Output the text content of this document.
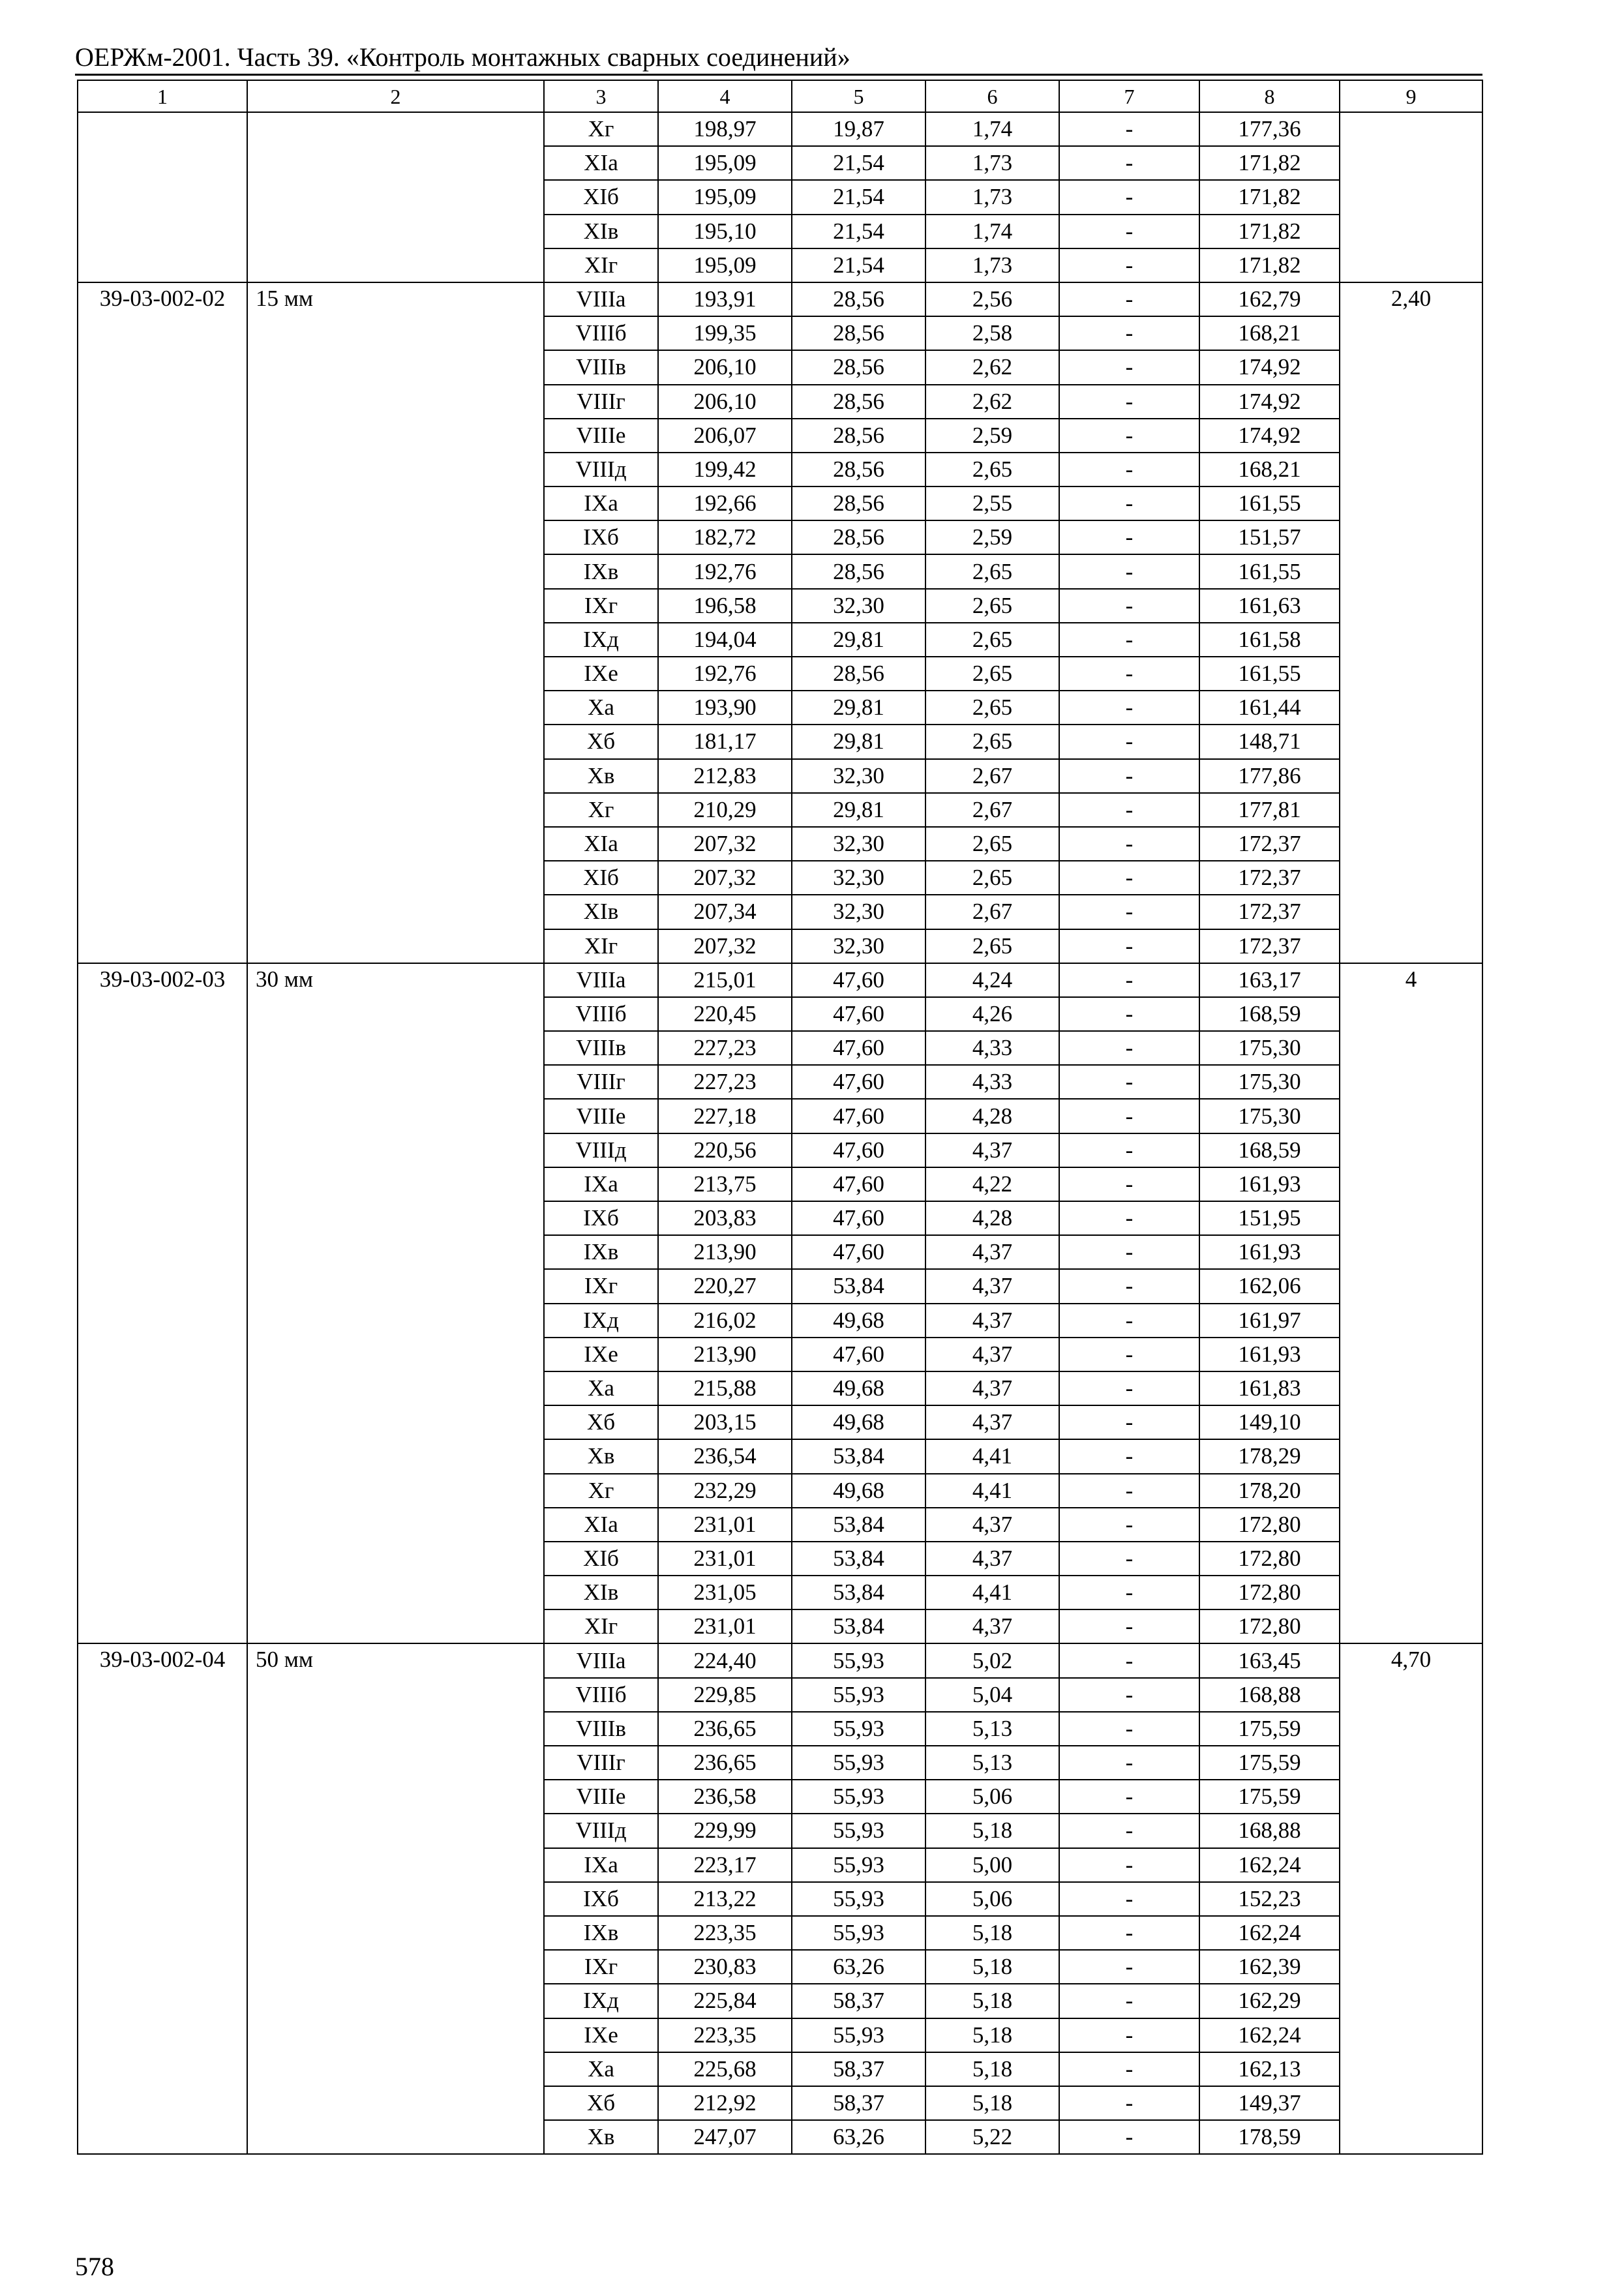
ОЕРЖм-2001. Часть 39. «Контроль монтажных сварных соединений»
1	2	3	4	5	6	7	8	9
		Хг	198,97	19,87	1,74	-	177,36	
		ХIа	195,09	21,54	1,73	-	171,82	
		ХIб	195,09	21,54	1,73	-	171,82	
		ХIв	195,10	21,54	1,74	-	171,82	
		ХIг	195,09	21,54	1,73	-	171,82	
39-03-002-02	15 мм	VIIIа	193,91	28,56	2,56	-	162,79	2,40
		VIIIб	199,35	28,56	2,58	-	168,21	
		VIIIв	206,10	28,56	2,62	-	174,92	
		VIIIг	206,10	28,56	2,62	-	174,92	
		VIIIе	206,07	28,56	2,59	-	174,92	
		VIIIд	199,42	28,56	2,65	-	168,21	
		IХа	192,66	28,56	2,55	-	161,55	
		IХб	182,72	28,56	2,59	-	151,57	
		IХв	192,76	28,56	2,65	-	161,55	
		IХг	196,58	32,30	2,65	-	161,63	
		IХд	194,04	29,81	2,65	-	161,58	
		IХе	192,76	28,56	2,65	-	161,55	
		Ха	193,90	29,81	2,65	-	161,44	
		Хб	181,17	29,81	2,65	-	148,71	
		Хв	212,83	32,30	2,67	-	177,86	
		Хг	210,29	29,81	2,67	-	177,81	
		ХIа	207,32	32,30	2,65	-	172,37	
		ХIб	207,32	32,30	2,65	-	172,37	
		ХIв	207,34	32,30	2,67	-	172,37	
		ХIг	207,32	32,30	2,65	-	172,37	
39-03-002-03	30 мм	VIIIа	215,01	47,60	4,24	-	163,17	4
		VIIIб	220,45	47,60	4,26	-	168,59	
		VIIIв	227,23	47,60	4,33	-	175,30	
		VIIIг	227,23	47,60	4,33	-	175,30	
		VIIIе	227,18	47,60	4,28	-	175,30	
		VIIIд	220,56	47,60	4,37	-	168,59	
		IХа	213,75	47,60	4,22	-	161,93	
		IХб	203,83	47,60	4,28	-	151,95	
		IХв	213,90	47,60	4,37	-	161,93	
		IХг	220,27	53,84	4,37	-	162,06	
		IХд	216,02	49,68	4,37	-	161,97	
		IХе	213,90	47,60	4,37	-	161,93	
		Ха	215,88	49,68	4,37	-	161,83	
		Хб	203,15	49,68	4,37	-	149,10	
		Хв	236,54	53,84	4,41	-	178,29	
		Хг	232,29	49,68	4,41	-	178,20	
		ХIа	231,01	53,84	4,37	-	172,80	
		ХIб	231,01	53,84	4,37	-	172,80	
		ХIв	231,05	53,84	4,41	-	172,80	
		ХIг	231,01	53,84	4,37	-	172,80	
39-03-002-04	50 мм	VIIIа	224,40	55,93	5,02	-	163,45	4,70
		VIIIб	229,85	55,93	5,04	-	168,88	
		VIIIв	236,65	55,93	5,13	-	175,59	
		VIIIг	236,65	55,93	5,13	-	175,59	
		VIIIе	236,58	55,93	5,06	-	175,59	
		VIIIд	229,99	55,93	5,18	-	168,88	
		IХа	223,17	55,93	5,00	-	162,24	
		IХб	213,22	55,93	5,06	-	152,23	
		IХв	223,35	55,93	5,18	-	162,24	
		IХг	230,83	63,26	5,18	-	162,39	
		IХд	225,84	58,37	5,18	-	162,29	
		IХе	223,35	55,93	5,18	-	162,24	
		Ха	225,68	58,37	5,18	-	162,13	
		Хб	212,92	58,37	5,18	-	149,37	
		Хв	247,07	63,26	5,22	-	178,59	
578
